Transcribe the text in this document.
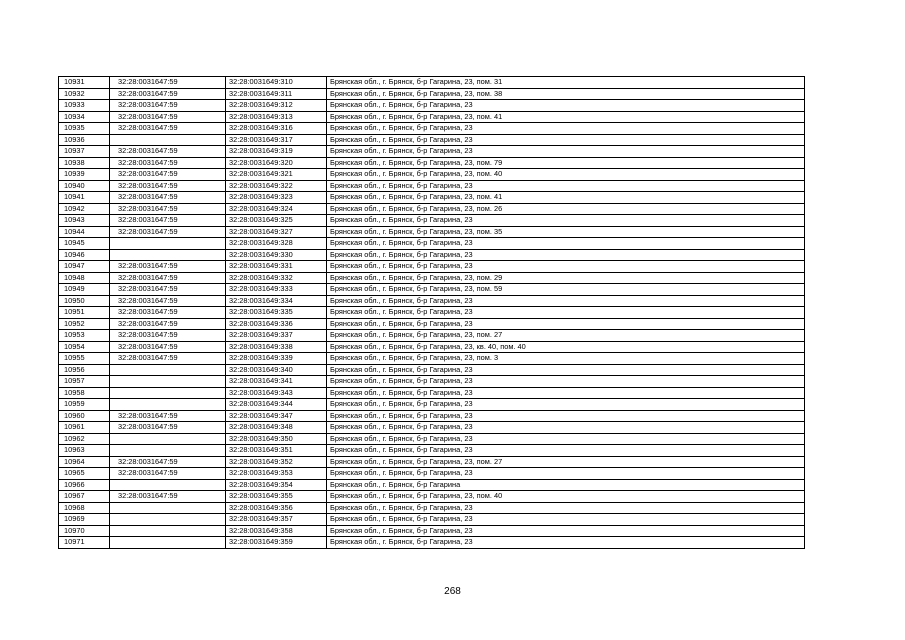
10931	32:28:0031647:59	32:28:0031649:310	Брянская обл., г. Брянск, б-р Гагарина, 23, пом. 31
10932	32:28:0031647:59	32:28:0031649:311	Брянская обл., г. Брянск, б-р Гагарина, 23, пом. 38
10933	32:28:0031647:59	32:28:0031649:312	Брянская обл., г. Брянск, б-р Гагарина, 23
10934	32:28:0031647:59	32:28:0031649:313	Брянская обл., г. Брянск, б-р Гагарина, 23, пом. 41
10935	32:28:0031647:59	32:28:0031649:316	Брянская обл., г. Брянск, б-р Гагарина, 23
10936		32:28:0031649:317	Брянская обл., г. Брянск, б-р Гагарина, 23
10937	32:28:0031647:59	32:28:0031649:319	Брянская обл., г. Брянск, б-р Гагарина, 23
10938	32:28:0031647:59	32:28:0031649:320	Брянская обл., г. Брянск, б-р Гагарина, 23, пом. 79
10939	32:28:0031647:59	32:28:0031649:321	Брянская обл., г. Брянск, б-р Гагарина, 23, пом. 40
10940	32:28:0031647:59	32:28:0031649:322	Брянская обл., г. Брянск, б-р Гагарина, 23
10941	32:28:0031647:59	32:28:0031649:323	Брянская обл., г. Брянск, б-р Гагарина, 23, пом. 41
10942	32:28:0031647:59	32:28:0031649:324	Брянская обл., г. Брянск, б-р Гагарина, 23, пом. 26
10943	32:28:0031647:59	32:28:0031649:325	Брянская обл., г. Брянск, б-р Гагарина, 23
10944	32:28:0031647:59	32:28:0031649:327	Брянская обл., г. Брянск, б-р Гагарина, 23, пом. 35
10945		32:28:0031649:328	Брянская обл., г. Брянск, б-р Гагарина, 23
10946		32:28:0031649:330	Брянская обл., г. Брянск, б-р Гагарина, 23
10947	32:28:0031647:59	32:28:0031649:331	Брянская обл., г. Брянск, б-р Гагарина, 23
10948	32:28:0031647:59	32:28:0031649:332	Брянская обл., г. Брянск, б-р Гагарина, 23, пом. 29
10949	32:28:0031647:59	32:28:0031649:333	Брянская обл., г. Брянск, б-р Гагарина, 23, пом. 59
10950	32:28:0031647:59	32:28:0031649:334	Брянская обл., г. Брянск, б-р Гагарина, 23
10951	32:28:0031647:59	32:28:0031649:335	Брянская обл., г. Брянск, б-р Гагарина, 23
10952	32:28:0031647:59	32:28:0031649:336	Брянская обл., г. Брянск, б-р Гагарина, 23
10953	32:28:0031647:59	32:28:0031649:337	Брянская обл., г. Брянск, б-р Гагарина, 23, пом. 27
10954	32:28:0031647:59	32:28:0031649:338	Брянская обл., г. Брянск, б-р Гагарина, 23, кв. 40, пом. 40
10955	32:28:0031647:59	32:28:0031649:339	Брянская обл., г. Брянск, б-р Гагарина, 23, пом. 3
10956		32:28:0031649:340	Брянская обл., г. Брянск, б-р Гагарина, 23
10957		32:28:0031649:341	Брянская обл., г. Брянск, б-р Гагарина, 23
10958		32:28:0031649:343	Брянская обл., г. Брянск, б-р Гагарина, 23
10959		32:28:0031649:344	Брянская обл., г. Брянск, б-р Гагарина, 23
10960	32:28:0031647:59	32:28:0031649:347	Брянская обл., г. Брянск, б-р Гагарина, 23
10961	32:28:0031647:59	32:28:0031649:348	Брянская обл., г. Брянск, б-р Гагарина, 23
10962		32:28:0031649:350	Брянская обл., г. Брянск, б-р Гагарина, 23
10963		32:28:0031649:351	Брянская обл., г. Брянск, б-р Гагарина, 23
10964	32:28:0031647:59	32:28:0031649:352	Брянская обл., г. Брянск, б-р Гагарина, 23, пом. 27
10965	32:28:0031647:59	32:28:0031649:353	Брянская обл., г. Брянск, б-р Гагарина, 23
10966		32:28:0031649:354	Брянская обл., г. Брянск, б-р Гагарина
10967	32:28:0031647:59	32:28:0031649:355	Брянская обл., г. Брянск, б-р Гагарина, 23, пом. 40
10968		32:28:0031649:356	Брянская обл., г. Брянск, б-р Гагарина, 23
10969		32:28:0031649:357	Брянская обл., г. Брянск, б-р Гагарина, 23
10970		32:28:0031649:358	Брянская обл., г. Брянск, б-р Гагарина, 23
10971		32:28:0031649:359	Брянская обл., г. Брянск, б-р Гагарина, 23
268
